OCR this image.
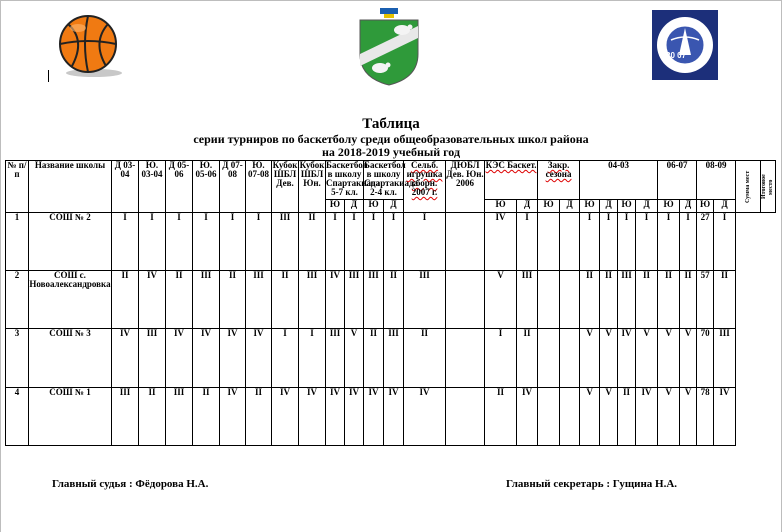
20 07
Таблица
серии турниров по баскетболу среди общеобразовательных школ района
на 2018-2019 учебный год
№ п/п	Название школы	Д 03-04	Ю. 03-04	Д 05-06	Ю. 05-06	Д 07-08	Ю. 07-08	Кубок ШБЛ Дев.	Кубок ШБЛ Юн.	Баскетбол в школу Спартакиада 5-7 кл.		Баскетбол в школу Спартакиада 2-4 кл.		Сельб. игрушка сборн. 2007 г.	ДЮБЛ Дев. Юн. 2006	КЭС Баскет.		Закр. сезона		04-03				06-07		08-09		Сумма мест	Итоговое место

										Ю	Д	Ю	Д			Ю	Д	Ю	Д	Ю	Д	Ю	Д	Ю	Д	Ю	Д		
1	СОШ № 2	I	I	I	I	I	I	III	II	I	I	I	I	I		IV	I			I	I	I	I	I	I	27	I		
2	СОШ с. Новоалександровка	II	IV	II	III	II	III	II	III	IV	III	III	II	III		V	III			II	II	III	II	II	II	57	II		
3	СОШ № 3	IV	III	IV	IV	IV	IV	I	I	III	V	II	III	II		I	II			V	V	IV	V	V	V	70	III		
4	СОШ № 1	III	II	III	II	IV	II	IV	IV	IV	IV	IV	IV	IV		II	IV			V	V	II	IV	V	V	78	IV		
Главный судья : Фёдорова Н.А.	Главный секретарь : Гущина Н.А.
